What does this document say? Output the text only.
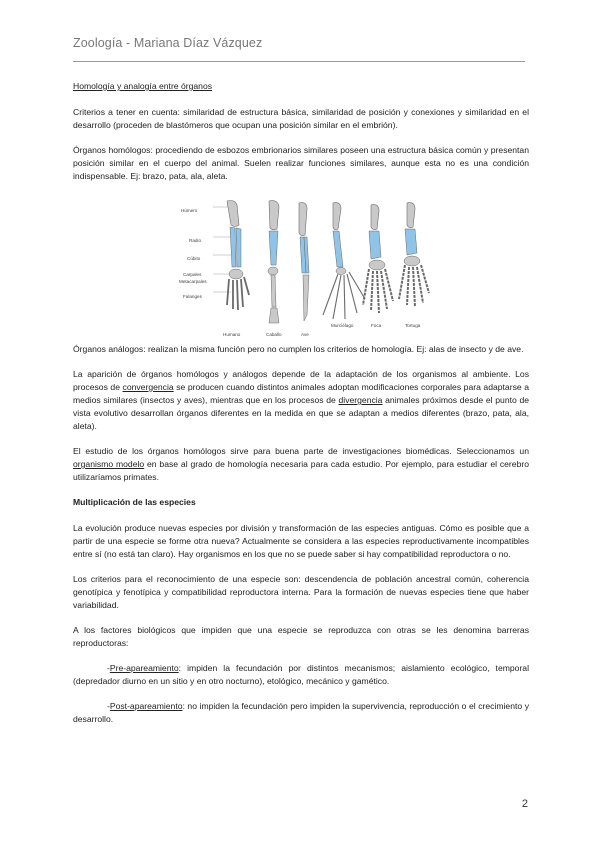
Zoología - Mariana Díaz Vázquez

Homología y analogía entre órganos

Criterios a tener en cuenta: similaridad de estructura básica, similaridad de posición y conexiones y similaridad en el desarrollo (proceden de blastómeros que ocupan una posición similar en el embrión).

Órganos homólogos: procediendo de esbozos embrionarios similares poseen una estructura básica común y presentan posición similar en el cuerpo del animal. Suelen realizar funciones similares, aunque esta no es una condición indispensable. Ej: brazo, pata, ala, aleta.

Húmero
Radio
Cúbito
Carpales
Metacarpales
Falanges
Humano	Caballo	Ave
Murciélago	Foca	Tortuga

Órganos análogos: realizan la misma función pero no cumplen los criterios de homología. Ej: alas de insecto y de ave.

La aparición de órganos homólogos y análogos depende de la adaptación de los organismos al ambiente. Los procesos de convergencia se producen cuando distintos animales adoptan modificaciones corporales para adaptarse a medios similares (insectos y aves), mientras que en los procesos de divergencia animales próximos desde el punto de vista evolutivo desarrollan órganos diferentes en la medida en que se adaptan a medios diferentes (brazo, pata, ala, aleta).

El estudio de los órganos homólogos sirve para buena parte de investigaciones biomédicas. Seleccionamos un organismo modelo en base al grado de homología necesaria para cada estudio. Por ejemplo, para estudiar el cerebro utilizaríamos primates.

Multiplicación de las especies

La evolución produce nuevas especies por división y transformación de las especies antiguas. Cómo es posible que a partir de una especie se forme otra nueva? Actualmente se considera a las especies reproductivamente incompatibles entre sí (no está tan claro). Hay organismos en los que no se puede saber si hay compatibilidad reproductora o no.

Los criterios para el reconocimiento de una especie son: descendencia de población ancestral común, coherencia genotípica y fenotípica y compatibilidad reproductora interna. Para la formación de nuevas especies tiene que haber variabilidad.

A los factores biológicos que impiden que una especie se reproduzca con otras se les denomina barreras reproductoras:

-Pre-apareamiento: impiden la fecundación por distintos mecanismos; aislamiento ecológico, temporal (depredador diurno en un sitio y en otro nocturno), etológico, mecánico y gamético.

-Post-apareamiento: no impiden la fecundación pero impiden la supervivencia, reproducción o el crecimiento y desarrollo.

2
